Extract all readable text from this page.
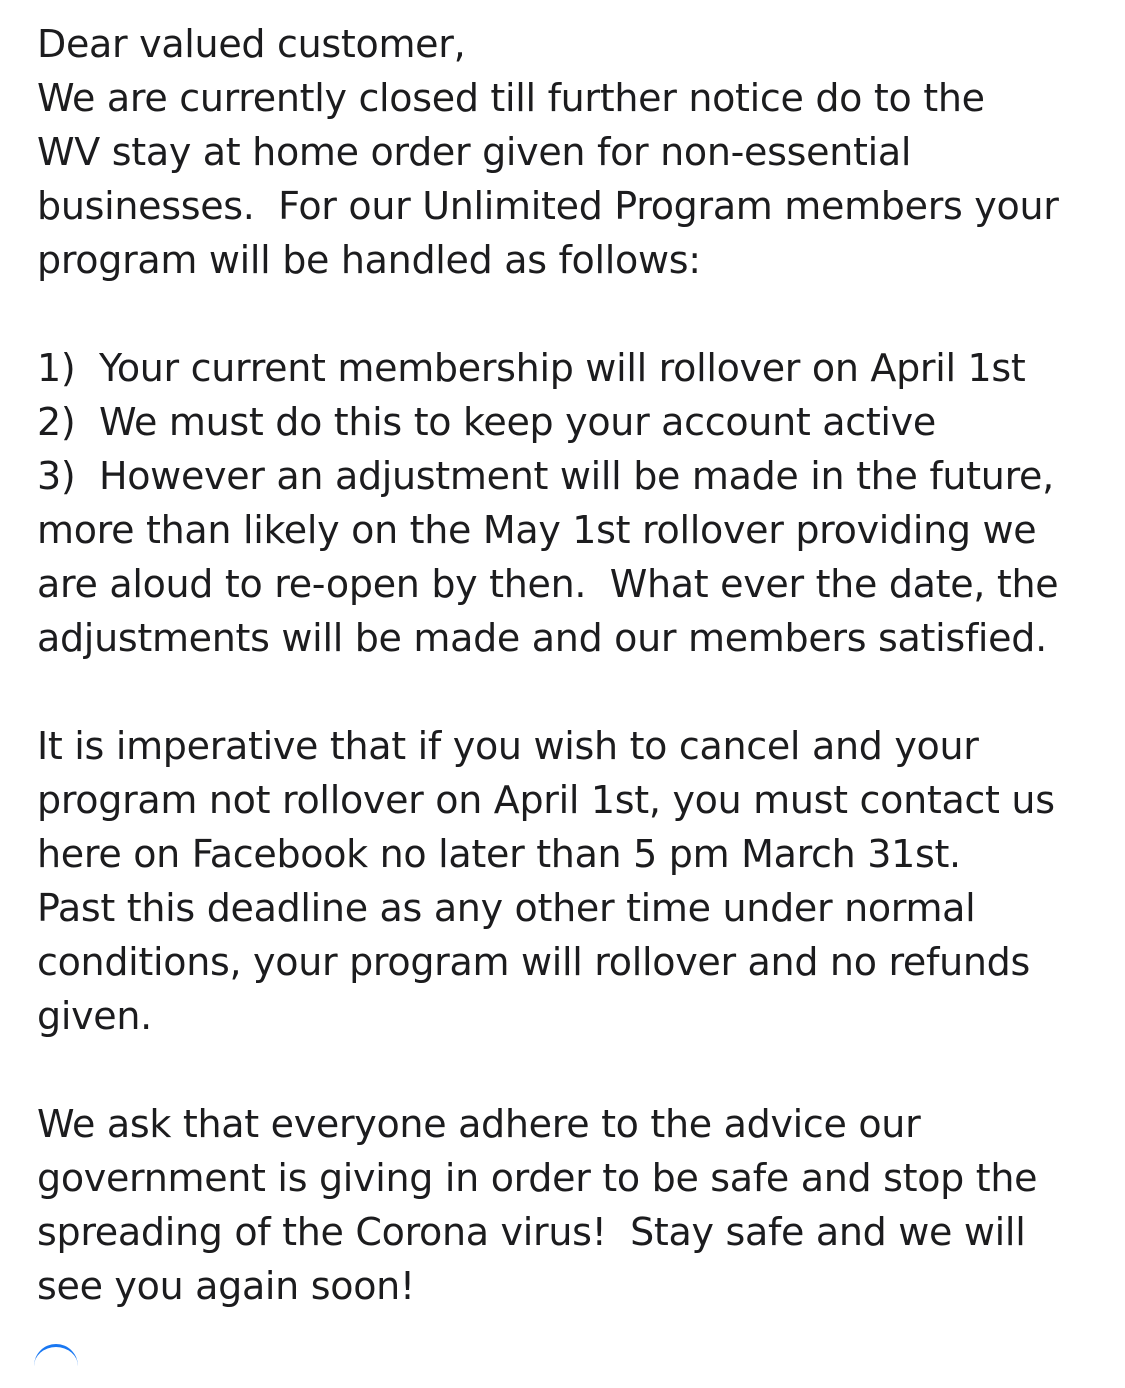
Dear valued customer,
We are currently closed till further notice do to the
WV stay at home order given for non-essential
businesses.  For our Unlimited Program members your
program will be handled as follows:
1)  Your current membership will rollover on April 1st
2)  We must do this to keep your account active
3)  However an adjustment will be made in the future,
more than likely on the May 1st rollover providing we
are aloud to re-open by then.  What ever the date, the
adjustments will be made and our members satisfied.
It is imperative that if you wish to cancel and your
program not rollover on April 1st, you must contact us
here on Facebook no later than 5 pm March 31st.
Past this deadline as any other time under normal
conditions, your program will rollover and no refunds
given.
We ask that everyone adhere to the advice our
government is giving in order to be safe and stop the
spreading of the Corona virus!  Stay safe and we will
see you again soon!
